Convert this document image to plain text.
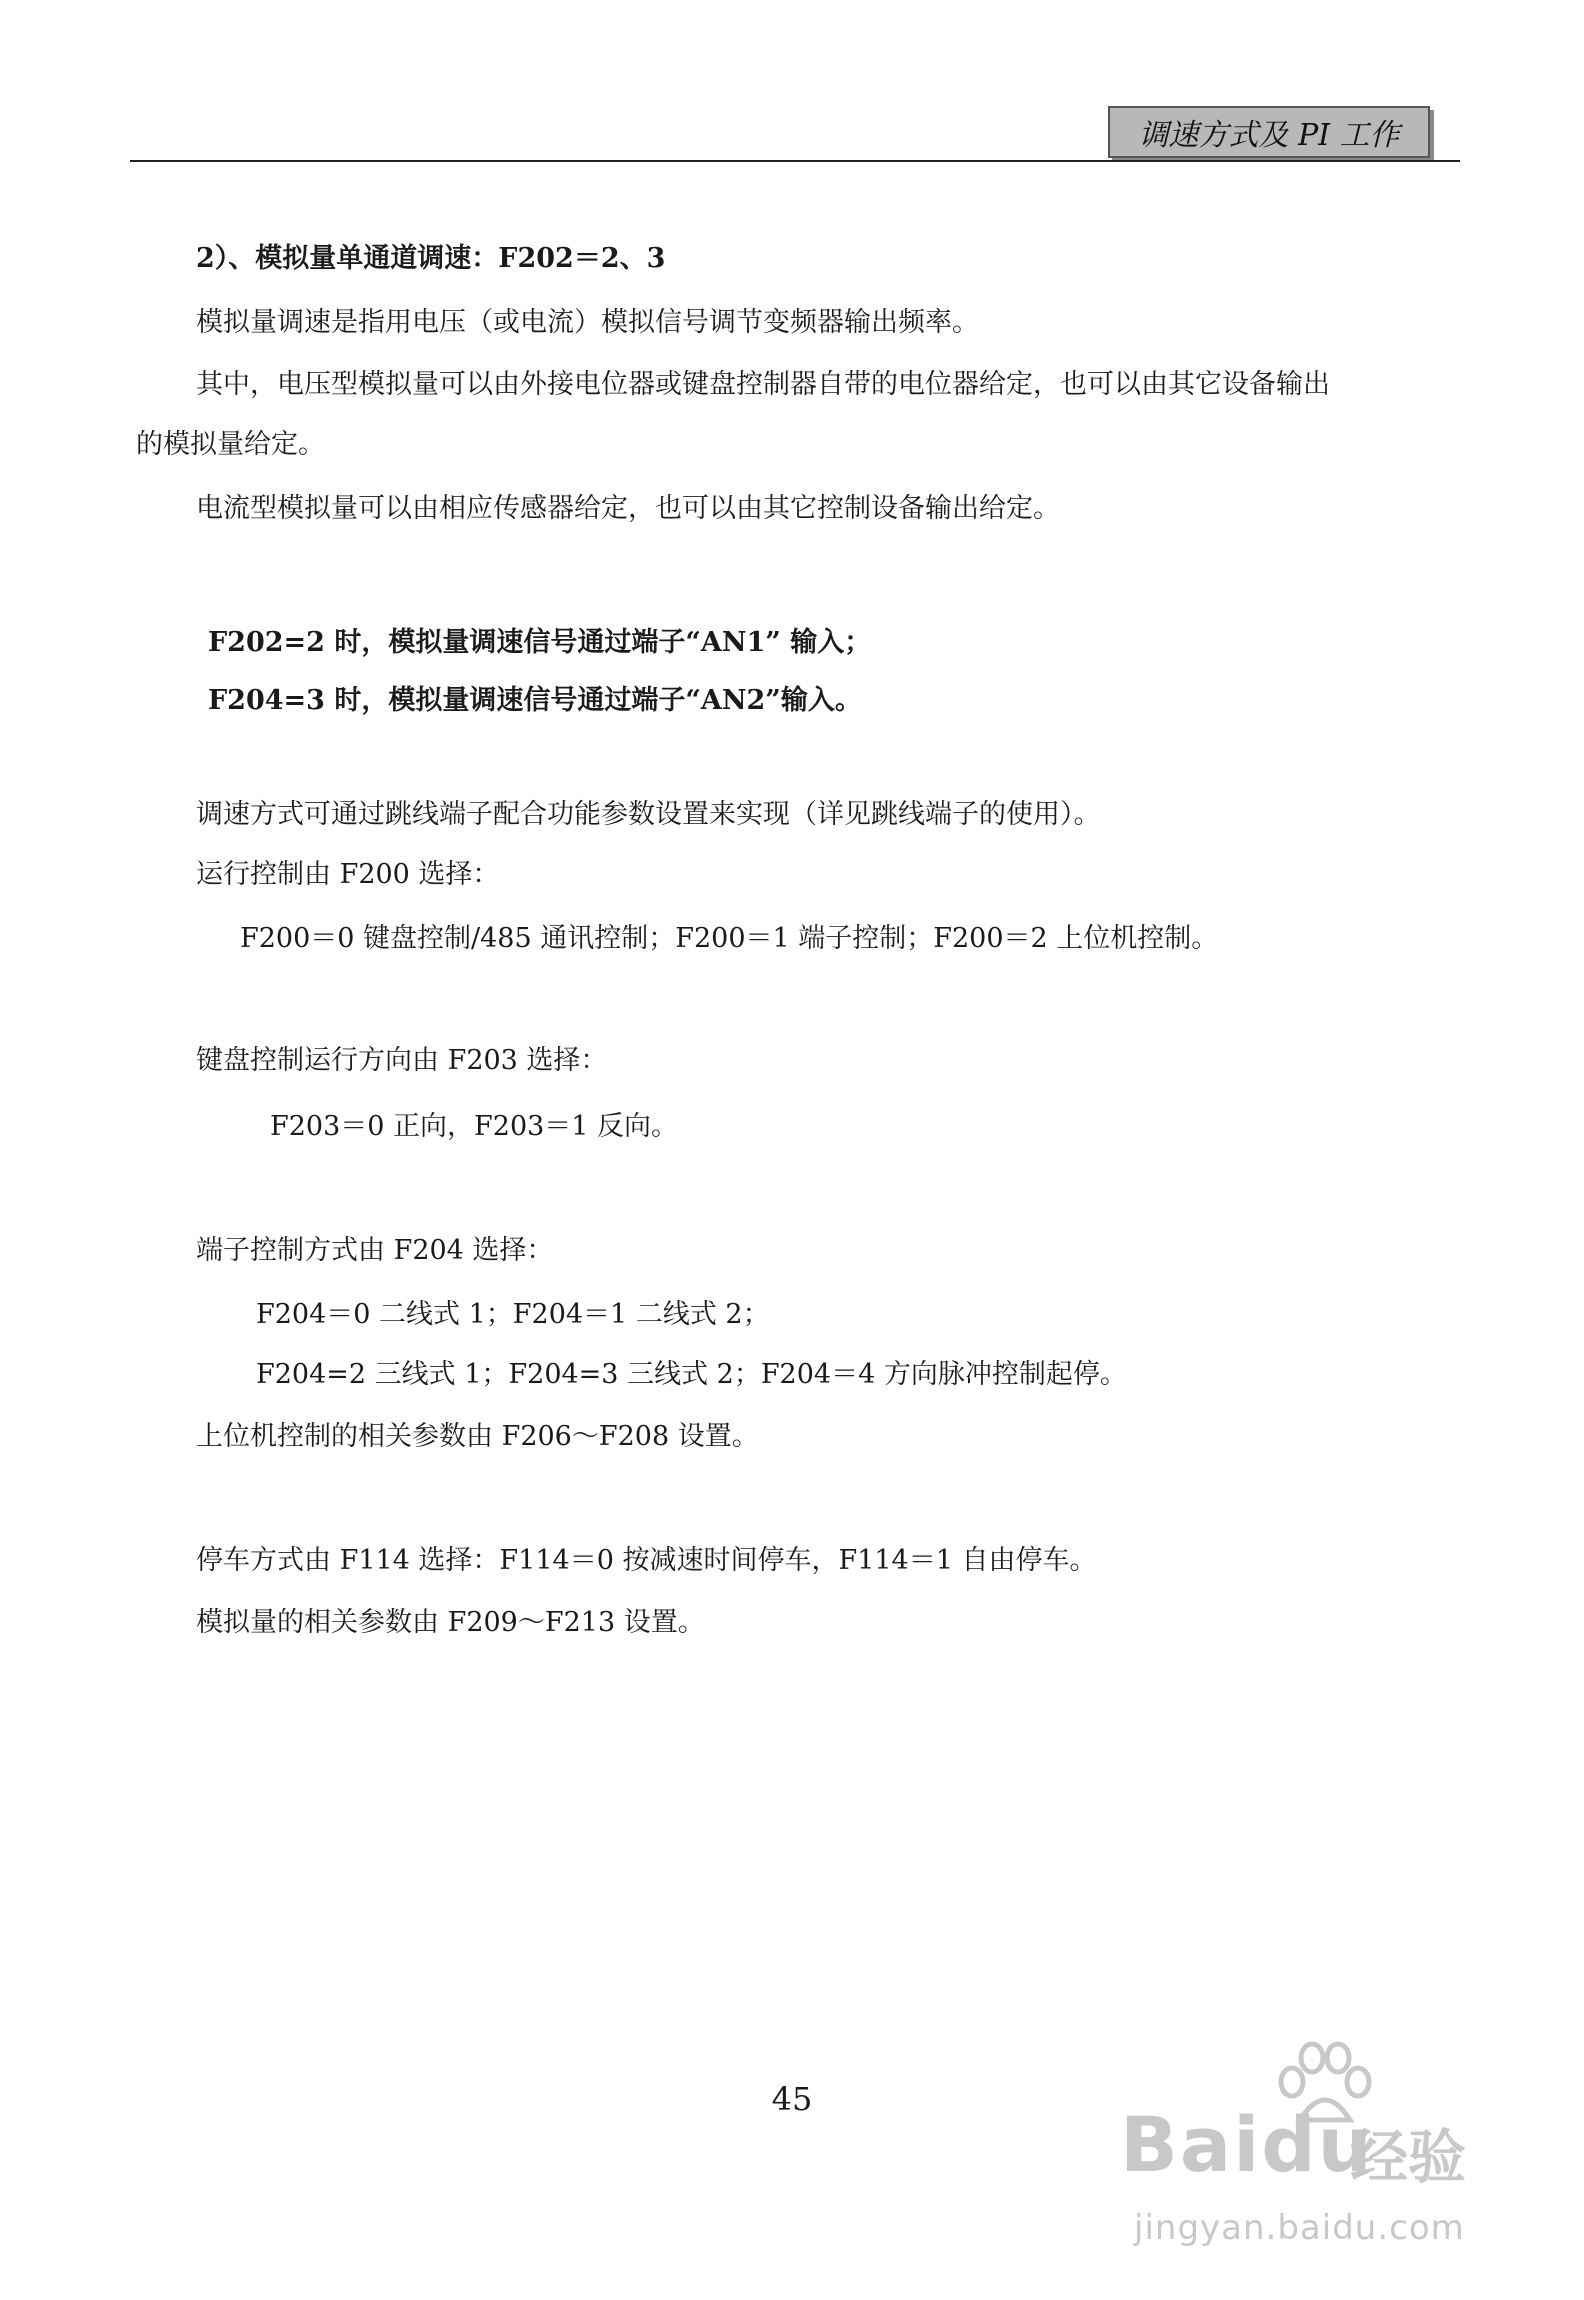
调速方式及 PI 工作
2）、模拟量单通道调速：F202＝2、3
模拟量调速是指用电压（或电流）模拟信号调节变频器输出频率。
其中，电压型模拟量可以由外接电位器或键盘控制器自带的电位器给定，也可以由其它设备输出
的模拟量给定。
电流型模拟量可以由相应传感器给定，也可以由其它控制设备输出给定。
F202=2 时，模拟量调速信号通过端子“AN1” 输入；
F204=3 时，模拟量调速信号通过端子“AN2”输入。
调速方式可通过跳线端子配合功能参数设置来实现（详见跳线端子的使用）。
运行控制由 F200 选择：
F200＝0 键盘控制/485 通讯控制；F200＝1 端子控制；F200＝2 上位机控制。
键盘控制运行方向由 F203 选择：
F203＝0 正向，F203＝1 反向。
端子控制方式由 F204 选择：
F204＝0 二线式 1；F204＝1 二线式 2；
F204=2 三线式 1；F204=3 三线式 2；F204＝4 方向脉冲控制起停。
上位机控制的相关参数由 F206～F208 设置。
停车方式由 F114 选择：F114＝0 按减速时间停车，F114＝1 自由停车。
模拟量的相关参数由 F209～F213 设置。
45
Baidu
经验
jingyan.baidu.com
